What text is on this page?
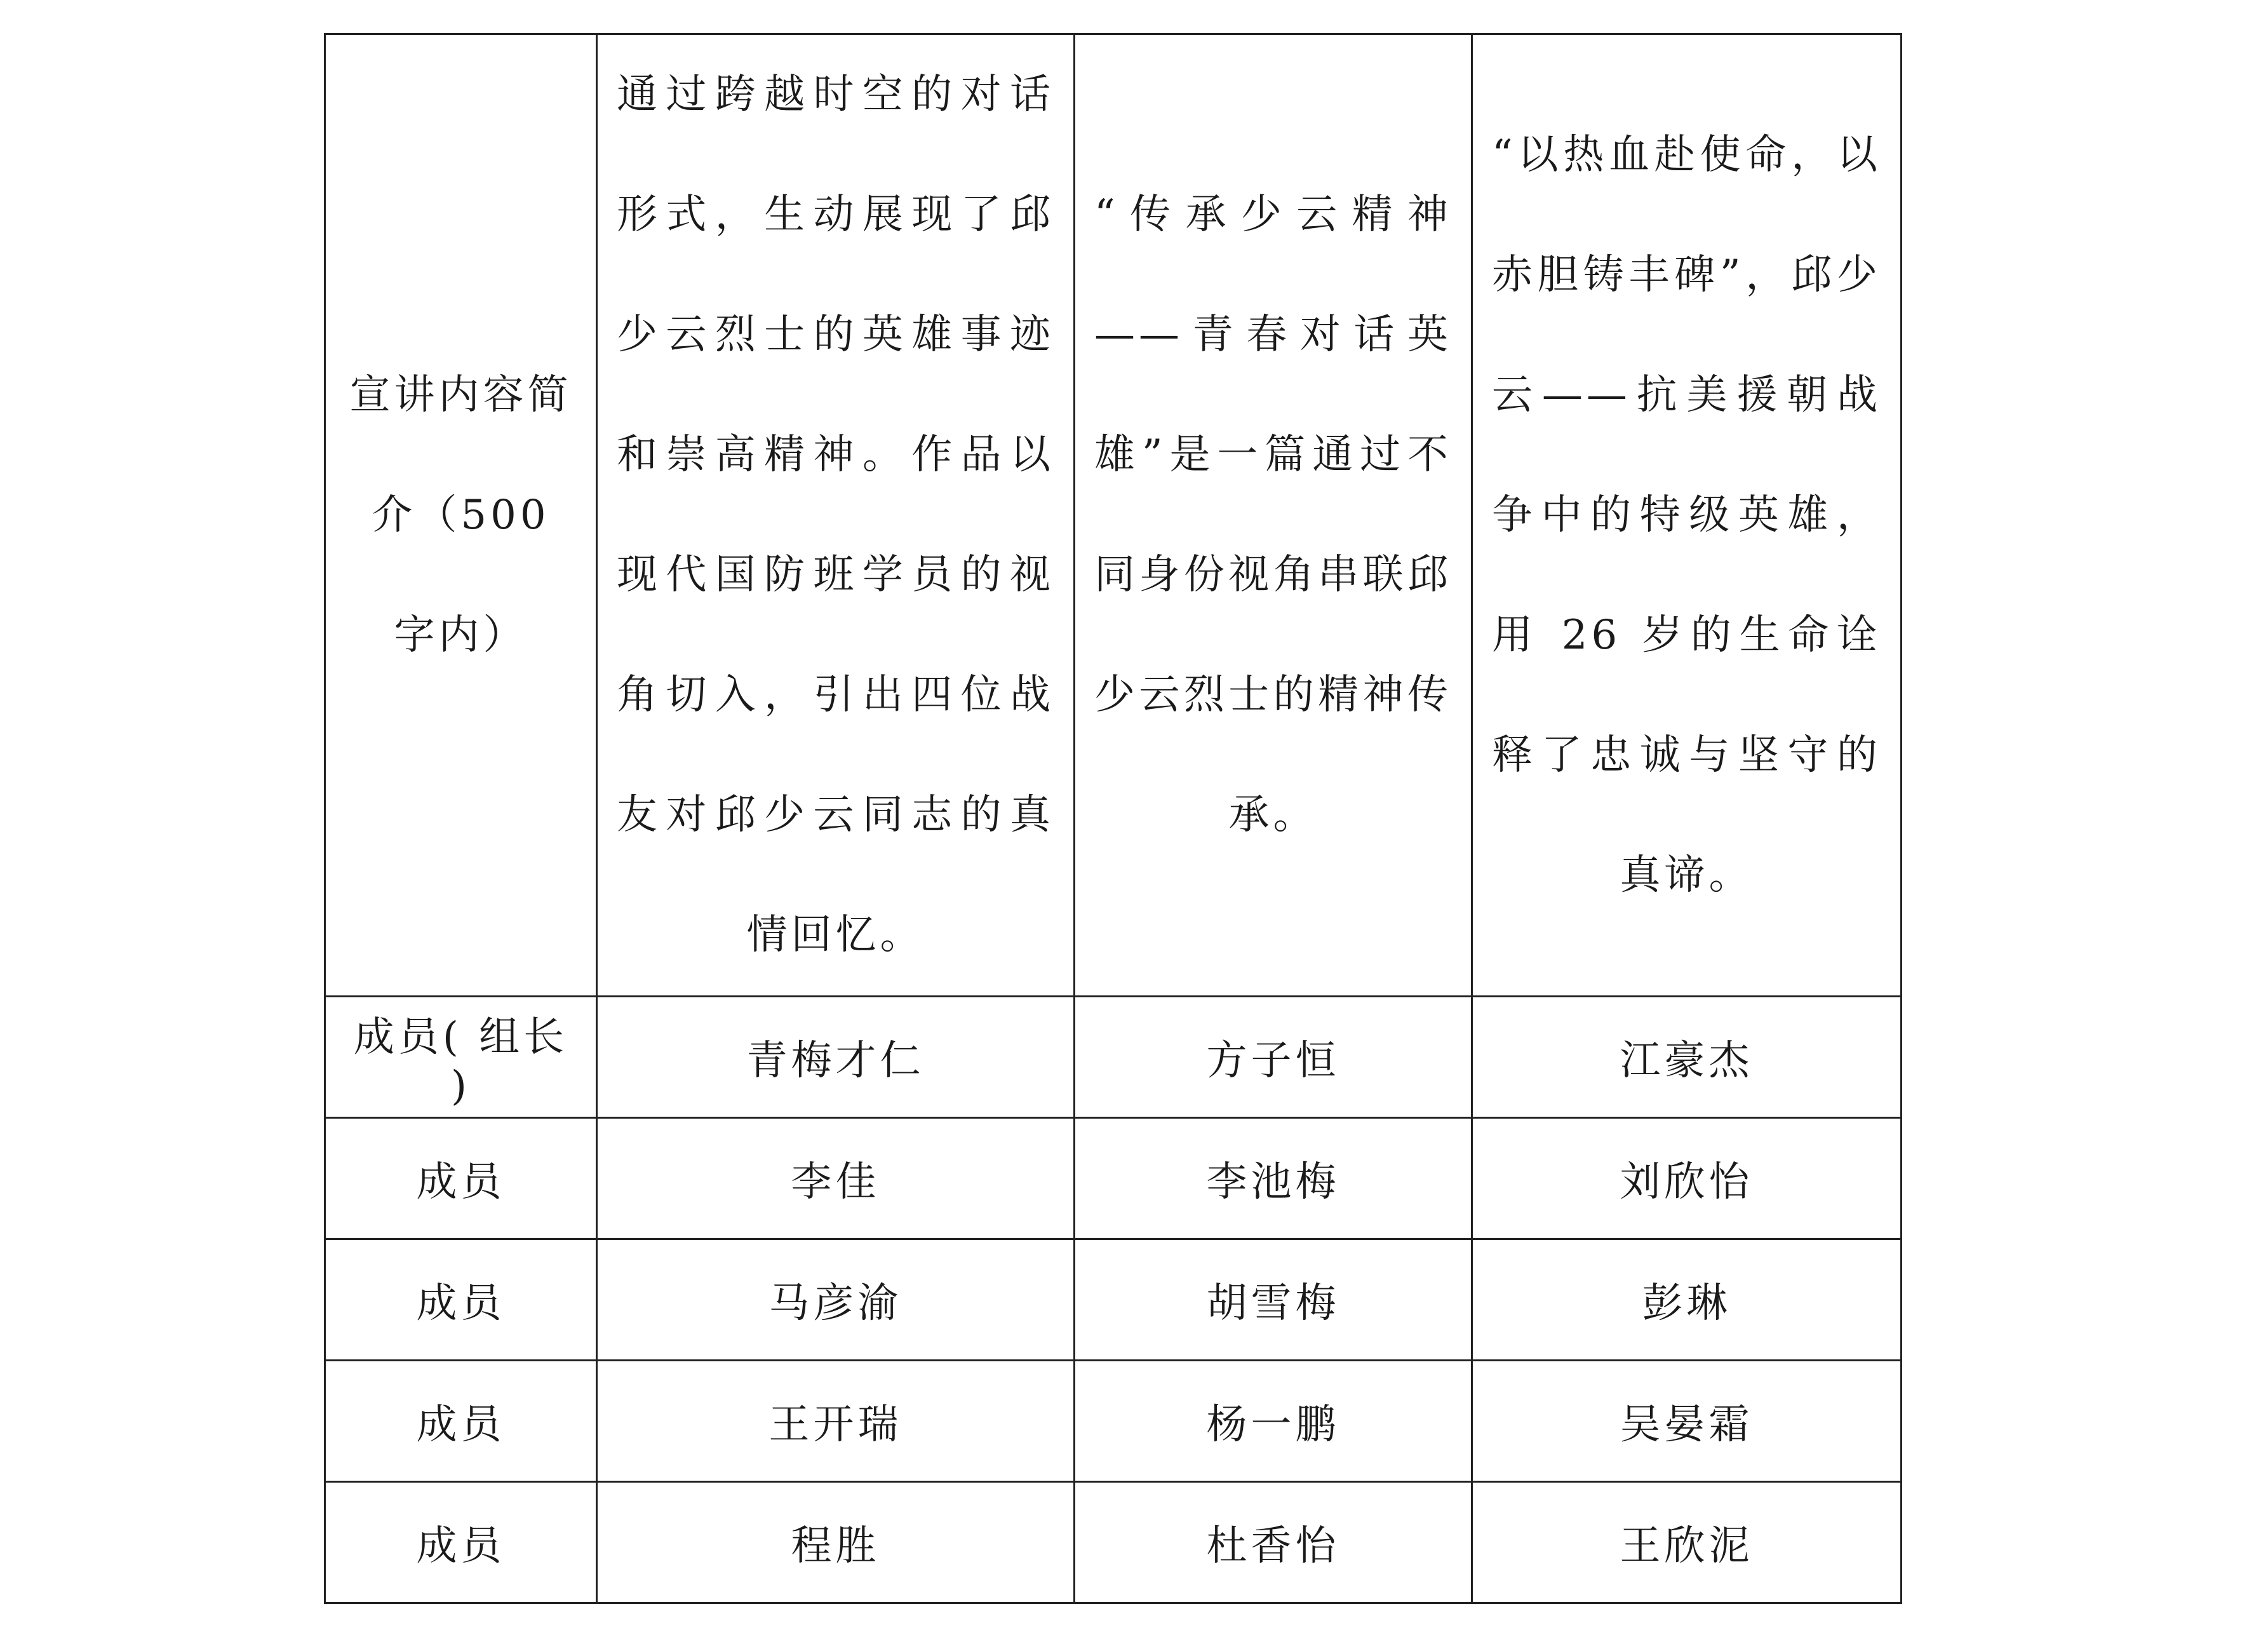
宣讲内容简介（500 字内）	通过跨越时空的对话形式，生动展现了邱少云烈士的英雄事迹和崇高精神。作品以现代国防班学员的视角切入，引出四位战友对邱少云同志的真情回忆。	“传承少云精神——青春对话英雄”是一篇通过不同身份视角串联邱少云烈士的精神传承。	“以热血赴使命，以赤胆铸丰碑”，邱少云——抗美援朝战争中的特级英雄，用 26 岁的生命诠释了忠诚与坚守的真谛。

成员( 组长 )	青梅才仁	方子恒	江豪杰
成员	李佳	李池梅	刘欣怡
成员	马彦渝	胡雪梅	彭琳
成员	王开瑞	杨一鹏	吴晏霜
成员	程胜	杜香怡	王欣泥
